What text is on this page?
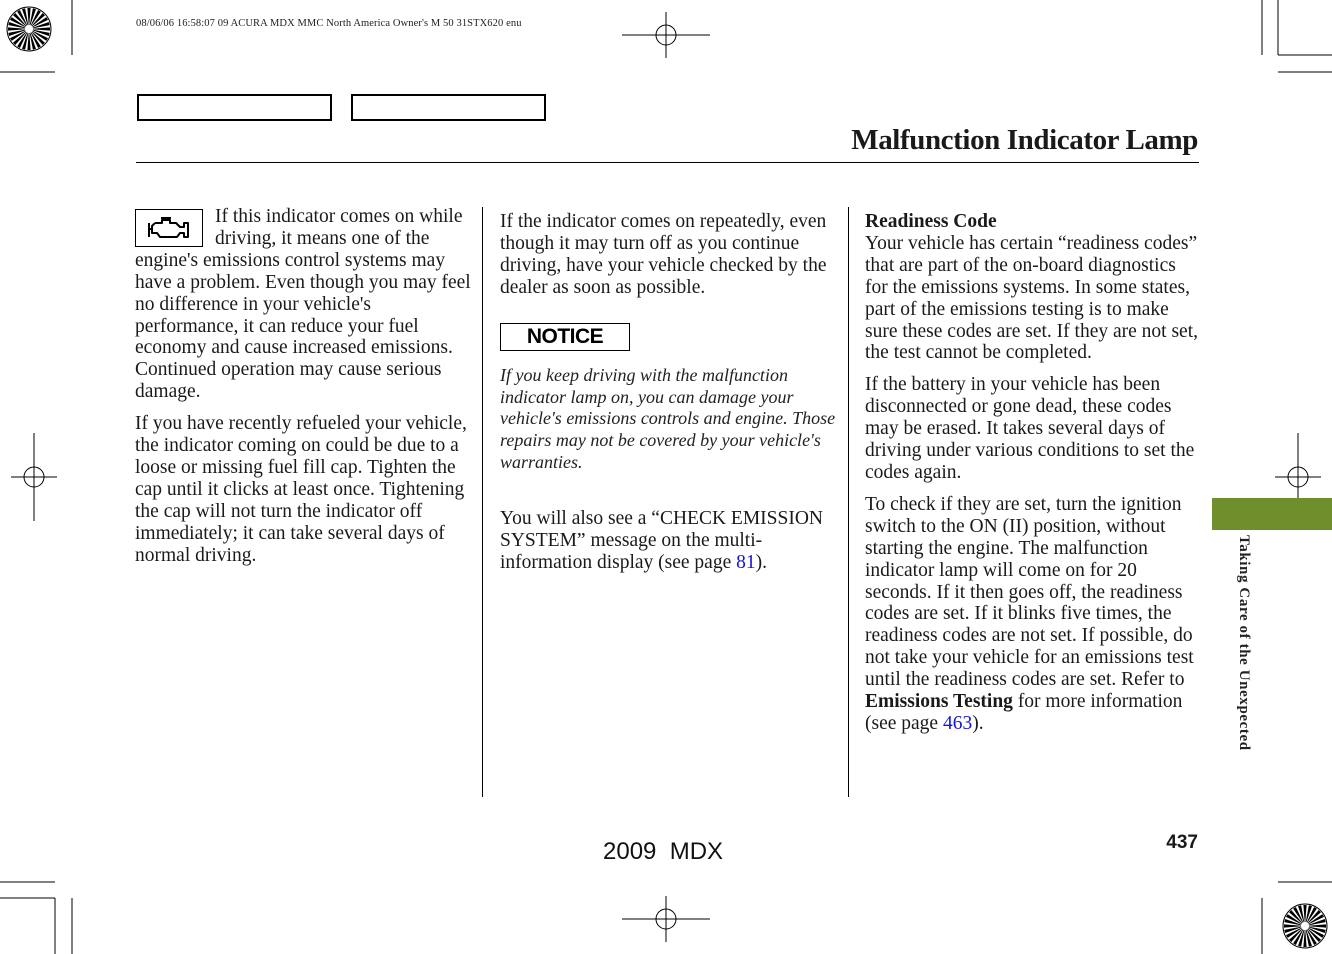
08/06/06 16:58:07 09 ACURA MDX MMC North America Owner's M 50 31STX620 enu
Malfunction Indicator Lamp

If this indicator comes on while driving, it means one of the engine's emissions control systems may have a problem. Even though you may feel no difference in your vehicle's performance, it can reduce your fuel economy and cause increased emissions. Continued operation may cause serious damage.

If you have recently refueled your vehicle, the indicator coming on could be due to a loose or missing fuel fill cap. Tighten the cap until it clicks at least once. Tightening the cap will not turn the indicator off immediately; it can take several days of normal driving.

If the indicator comes on repeatedly, even though it may turn off as you continue driving, have your vehicle checked by the dealer as soon as possible.

NOTICE

If you keep driving with the malfunction indicator lamp on, you can damage your vehicle's emissions controls and engine. Those repairs may not be covered by your vehicle's warranties.

You will also see a “CHECK EMISSION SYSTEM” message on the multi-information display (see page 81).

Readiness Code
Your vehicle has certain “readiness codes” that are part of the on-board diagnostics for the emissions systems. In some states, part of the emissions testing is to make sure these codes are set. If they are not set, the test cannot be completed.

If the battery in your vehicle has been disconnected or gone dead, these codes may be erased. It takes several days of driving under various conditions to set the codes again.

To check if they are set, turn the ignition switch to the ON (II) position, without starting the engine. The malfunction indicator lamp will come on for 20 seconds. If it then goes off, the readiness codes are set. If it blinks five times, the readiness codes are not set. If possible, do not take your vehicle for an emissions test until the readiness codes are set. Refer to Emissions Testing for more information (see page 463).	Taking Care of the Unexpected
437
2009  MDX
